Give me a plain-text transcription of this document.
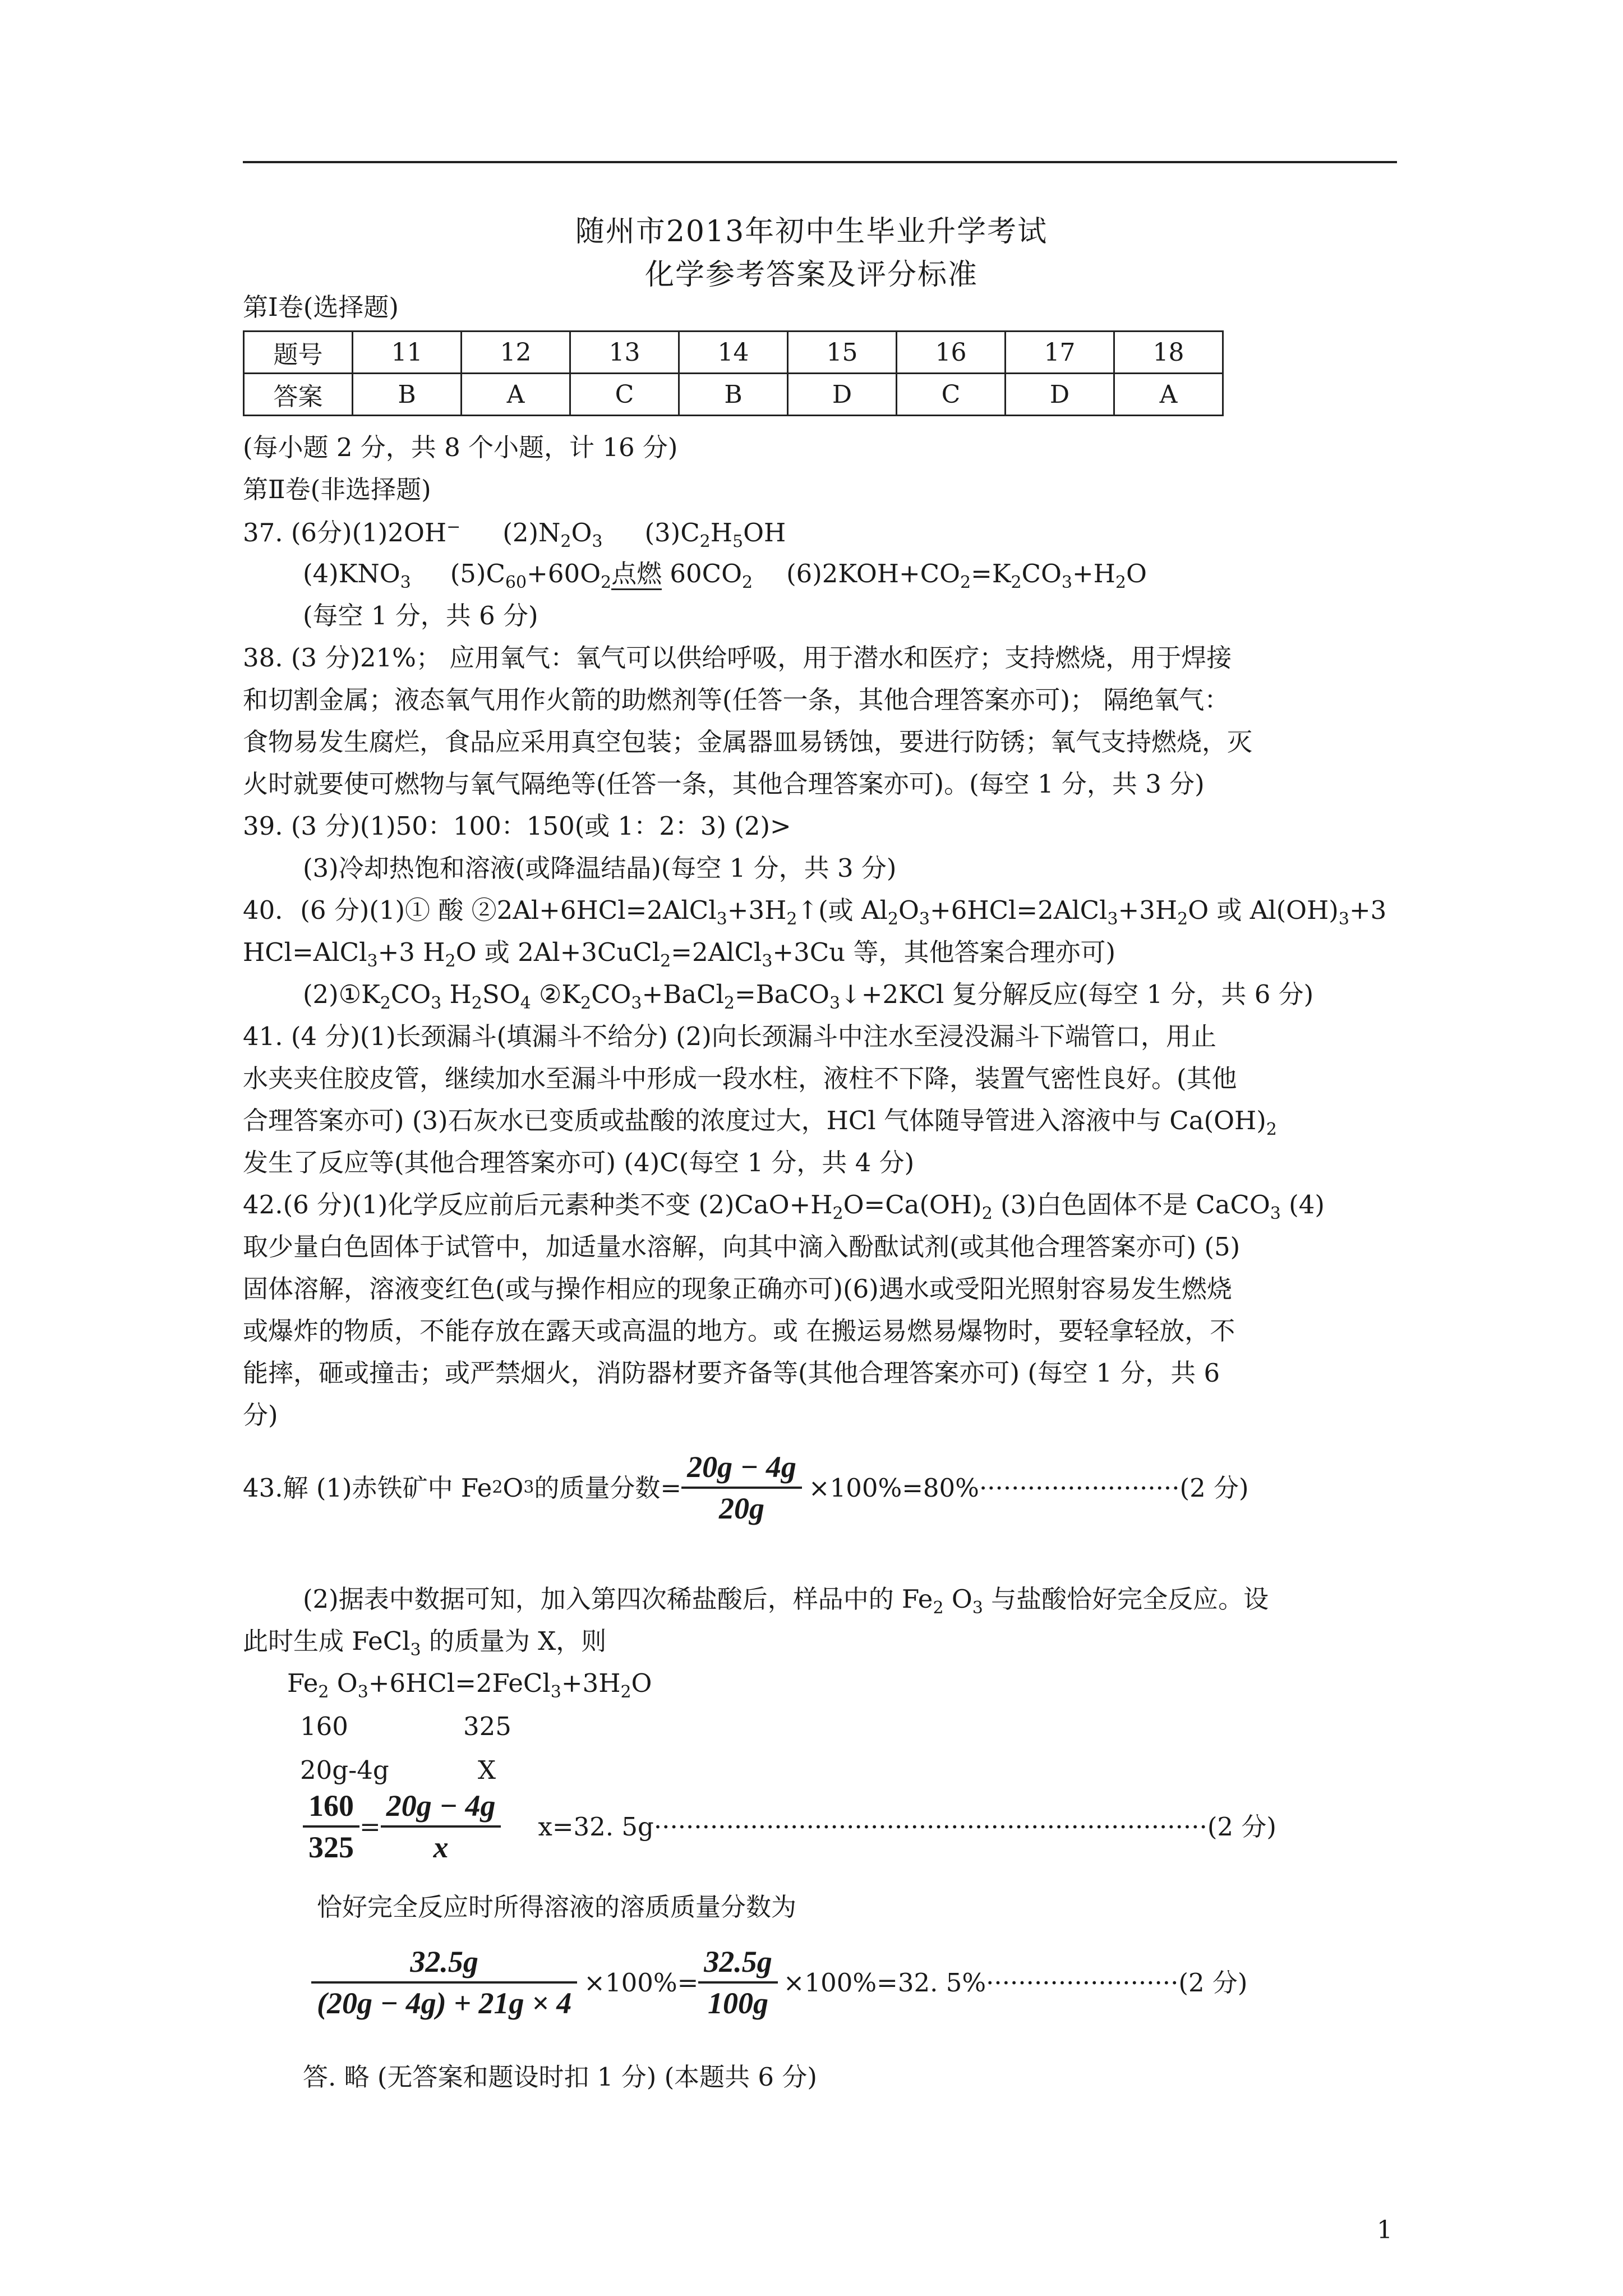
随州市2013年初中生毕业升学考试
化学参考答案及评分标准
第Ⅰ卷(选择题)
题号	11	12	13	14	15	16	17	18
答案	B	A	C	B	D	C	D	A
(每小题 2 分，共 8 个小题，计 16 分)
第Ⅱ卷(非选择题)
37. (6分)(1)2OH− $(2)N_2O_3$ $(3)C_2H_5OH$
$(4)KNO_3$ $(5)C_{60}+60O_2$点燃 $60CO_2$ $(6)2KOH+CO_2=K_2CO_3+H_2O$
(每空 1 分，共 6 分)
38. (3 分)21%； 应用氧气：氧气可以供给呼吸，用于潜水和医疗；支持燃烧，用于焊接
和切割金属；液态氧气用作火箭的助燃剂等(任答一条，其他合理答案亦可)； 隔绝氧气：
食物易发生腐烂，食品应采用真空包装；金属器皿易锈蚀，要进行防锈；氧气支持燃烧，灭
火时就要使可燃物与氧气隔绝等(任答一条，其他合理答案亦可)。(每空 1 分，共 3 分)
39. (3 分)(1)50：100：150(或 1：2：3) (2)>
(3)冷却热饱和溶液(或降温结晶)(每空 1 分，共 3 分)
40．(6 分)(1)① 酸 $②2Al+6HCl=2AlCl_3+3H_2↑$(或 $Al_2O_3+6HCl=2AlCl_3+3H_2O$ 或 $Al(OH)_3+3$
HCl=AlCl$_3$+3 $H_2O$ 或 2Al+3CuCl$_2$=2AlCl$_3$+3Cu 等，其他答案合理亦可)
$(2)①K_2CO_3$ $H_2SO_4$ $②K_2CO_3+BaCl_2=BaCO_3↓+2KCl$ 复分解反应(每空 1 分，共 6 分)
41. (4 分)(1)长颈漏斗(填漏斗不给分) (2)向长颈漏斗中注水至浸没漏斗下端管口，用止
水夹夹住胶皮管，继续加水至漏斗中形成一段水柱，液柱不下降，装置气密性良好。(其他
合理答案亦可) (3)石灰水已变质或盐酸的浓度过大，HCl 气体随导管进入溶液中与 $Ca(OH)_2$
发生了反应等(其他合理答案亦可) (4)C(每空 1 分，共 4 分)
42.(6 分)(1)化学反应前后元素种类不变 $(2)CaO+H_2O=Ca(OH)_2$ (3)白色固体不是 CaCO$_3$ (4)
取少量白色固体于试管中，加适量水溶解，向其中滴入酚酞试剂(或其他合理答案亦可) (5)
固体溶解，溶液变红色(或与操作相应的现象正确亦可)(6)遇水或受阳光照射容易发生燃烧
或爆炸的物质，不能存放在露天或高温的地方。或 在搬运易燃易爆物时，要轻拿轻放，不
能摔，砸或撞击；或严禁烟火，消防器材要齐备等(其他合理答案亦可) (每空 1 分，共 6
分)
43.解 (1)赤铁矿中 Fe 2 O 3 的质量分数= $\frac{20g - 4g}{20g} \times 100\%=80\%\cdot\cdot\cdot\cdot\cdot\cdot\cdot\cdot\cdot\cdot\cdot\cdot\cdot\cdot\cdot\cdot\cdot\cdot\cdot\cdot\cdot\cdot\cdot\cdot\cdot(2$ 分)
(2)据表中数据可知，加入第四次稀盐酸后，样品中的 $Fe_2$ $O_3$ 与盐酸恰好完全反应。设
此时生成 FeCl$_3$ 的质量为 X，则
$Fe_2$ $O_3+6HCl=2FeCl_3+3H_2O$
160	325
20g-4g	X
$\frac{160}{325} = \frac{20g - 4g}{x} x=32$. 5g·····································································(2 分)
恰好完全反应时所得溶液的溶质质量分数为
$\frac{32.5g}{(20g - 4g) + 21g \times 4} \times 100\%= \frac{32.5g}{100g} \times 100\%=32$. 5%························(2 分)
答. 略 (无答案和题设时扣 1 分) (本题共 6 分)
1
